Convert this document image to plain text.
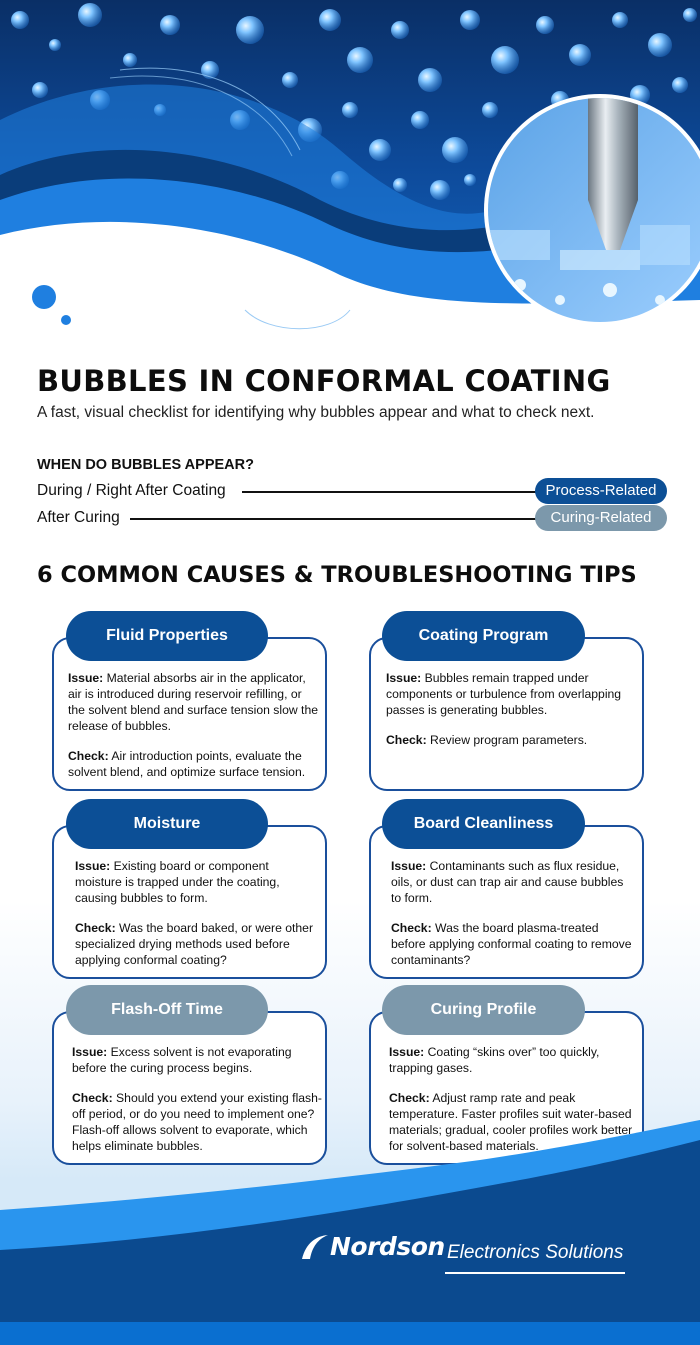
BUBBLES IN CONFORMAL COATING
A fast, visual checklist for identifying why bubbles appear and what to check next.
WHEN DO BUBBLES APPEAR?
During / Right After Coating	Process-Related
After Curing	Curing-Related
6 COMMON CAUSES & TROUBLESHOOTING TIPS
Fluid Properties

Issue: Material absorbs air in the applicator, air is introduced during reservoir refilling, or the solvent blend and surface tension slow the release of bubbles.

Check: Air introduction points, evaluate the solvent blend, and optimize surface tension.

Coating Program

Issue: Bubbles remain trapped under components or turbulence from overlapping passes is generating bubbles.

Check: Review program parameters.

Moisture

Issue: Existing board or component moisture is trapped under the coating, causing bubbles to form.

Check: Was the board baked, or were other specialized drying methods used before applying conformal coating?

Board Cleanliness

Issue: Contaminants such as flux residue, oils, or dust can trap air and cause bubbles to form.

Check: Was the board plasma-treated before applying conformal coating to remove contaminants?

Flash-Off Time

Issue: Excess solvent is not evaporating before the curing process begins.

Check: Should you extend your existing flash-off period, or do you need to implement one? Flash-off allows solvent to evaporate, which helps eliminate bubbles.

Curing Profile

Issue: Coating “skins over” too quickly, trapping gases.

Check: Adjust ramp rate and peak temperature. Faster profiles suit water-based materials; gradual, cooler profiles work better for solvent-based materials.

Nordson Electronics Solutions
